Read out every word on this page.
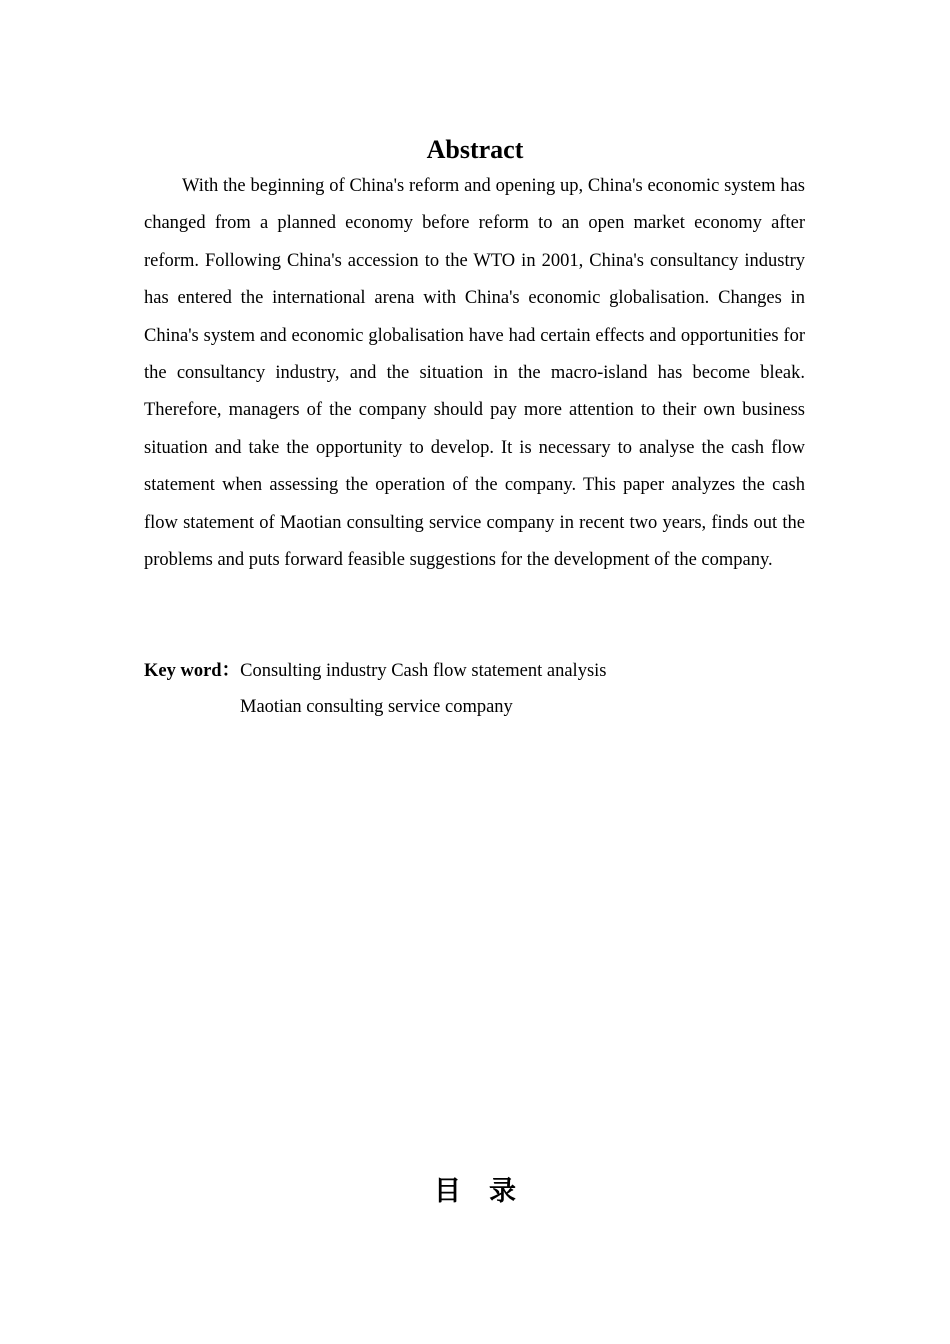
Abstract

With the beginning of China's reform and opening up, China's economic system has changed from a planned economy before reform to an open market economy after reform. Following China's accession to the WTO in 2001, China's consultancy industry has entered the international arena with China's economic globalisation. Changes in China's system and economic globalisation have had certain effects and opportunities for the consultancy industry, and the situation in the macro-island has become bleak. Therefore, managers of the company should pay more attention to their own business situation and take the opportunity to develop. It is necessary to analyse the cash flow statement when assessing the operation of the company. This paper analyzes the cash flow statement of Maotian consulting service company in recent two years, finds out the problems and puts forward feasible suggestions for the development of the company.

Key word：Consulting industry Cash flow statement analysis
Maotian consulting service company
目录
